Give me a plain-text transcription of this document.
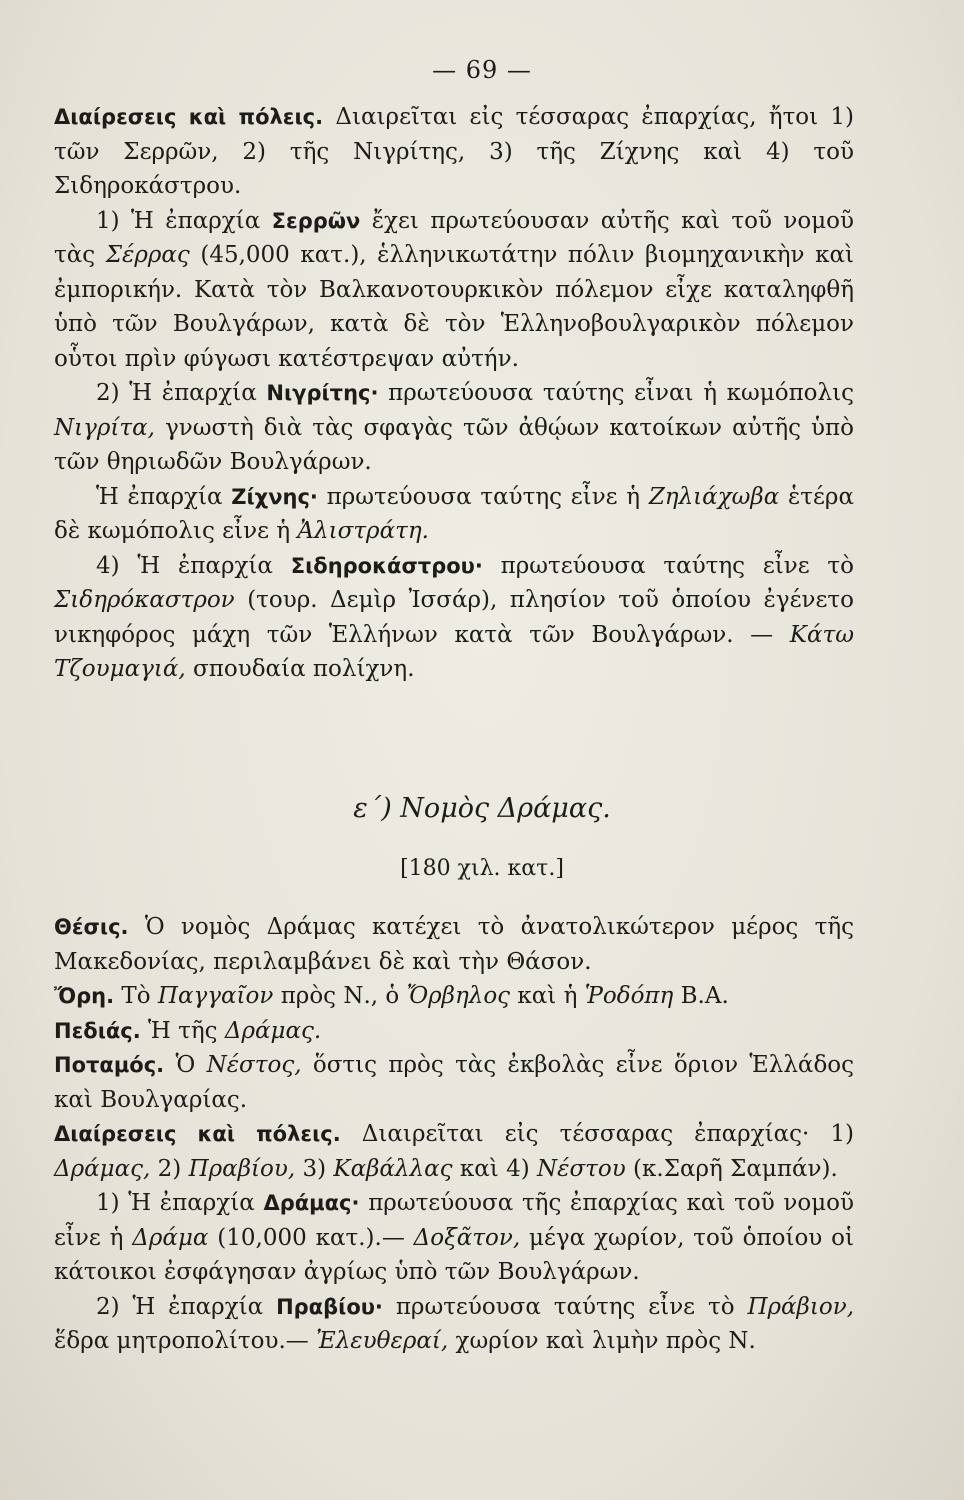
— 69 —

Διαίρεσεις καὶ πόλεις. Διαιρεῖται εἰς τέσσαρας ἐπαρχίας, ἤτοι 1) τῶν Σερρῶν, 2) τῆς Νιγρίτης, 3) τῆς Ζίχνης καὶ 4) τοῦ Σιδηροκάστρου.

1) Ἡ ἐπαρχία Σερρῶν ἔχει πρωτεύουσαν αὐτῆς καὶ τοῦ νομοῦ τὰς Σέρρας (45,000 κατ.), ἑλληνικωτάτην πόλιν βιομηχανικὴν καὶ ἐμπορικήν. Κατὰ τὸν Βαλκανοτουρκικὸν πόλεμον εἶχε καταληφθῆ ὑπὸ τῶν Βουλγάρων, κατὰ δὲ τὸν Ἑλληνοβουλγαρικὸν πόλεμον οὗτοι πρὶν φύγωσι κατέστρεψαν αὐτήν.

2) Ἡ ἐπαρχία Νιγρίτης· πρωτεύουσα ταύτης εἶναι ἡ κωμόπολις Νιγρίτα, γνωστὴ διὰ τὰς σφαγὰς τῶν ἀθῴων κατοίκων αὐτῆς ὑπὸ τῶν θηριωδῶν Βουλγάρων.

Ἡ ἐπαρχία Ζίχνης· πρωτεύουσα ταύτης εἶνε ἡ Ζηλιάχωβα ἑτέρα δὲ κωμόπολις εἶνε ἡ Ἀλιστράτη.

4) Ἡ ἐπαρχία Σιδηροκάστρου· πρωτεύουσα ταύτης εἶνε τὸ Σιδηρόκαστρον (τουρ. Δεμὶρ Ἰσσάρ), πλησίον τοῦ ὁποίου ἐγένετο νικηφόρος μάχη τῶν Ἑλλήνων κατὰ τῶν Βουλγάρων. — Κάτω Τζουμαγιά, σπουδαία πολίχνη.

ε΄) Νομὸς Δράμας.
[180 χιλ. κατ.]

Θέσις. Ὁ νομὸς Δράμας κατέχει τὸ ἀνατολικώτερον μέρος τῆς Μακεδονίας, περιλαμβάνει δὲ καὶ τὴν Θάσον.

Ὄρη. Τὸ Παγγαῖον πρὸς Ν., ὁ Ὄρβηλος καὶ ἡ Ῥοδόπη Β.Α.

Πεδιάς. Ἡ τῆς Δράμας.

Ποταμός. Ὁ Νέστος, ὅστις πρὸς τὰς ἐκβολὰς εἶνε ὅριον Ἑλλάδος καὶ Βουλγαρίας.

Διαίρεσεις καὶ πόλεις. Διαιρεῖται εἰς τέσσαρας ἐπαρχίας· 1) Δράμας, 2) Πραβίου, 3) Καβάλλας καὶ 4) Νέστου (κ.Σαρῆ Σαμπάν).

1) Ἡ ἐπαρχία Δράμας· πρωτεύουσα τῆς ἐπαρχίας καὶ τοῦ νομοῦ εἶνε ἡ Δράμα (10,000 κατ.).— Δοξᾶτον, μέγα χωρίον, τοῦ ὁποίου οἱ κάτοικοι ἐσφάγησαν ἀγρίως ὑπὸ τῶν Βουλγάρων.

2) Ἡ ἐπαρχία Πραβίου· πρωτεύουσα ταύτης εἶνε τὸ Πράβιον, ἕδρα μητροπολίτου.— Ἐλευθεραί, χωρίον καὶ λιμὴν πρὸς Ν.
